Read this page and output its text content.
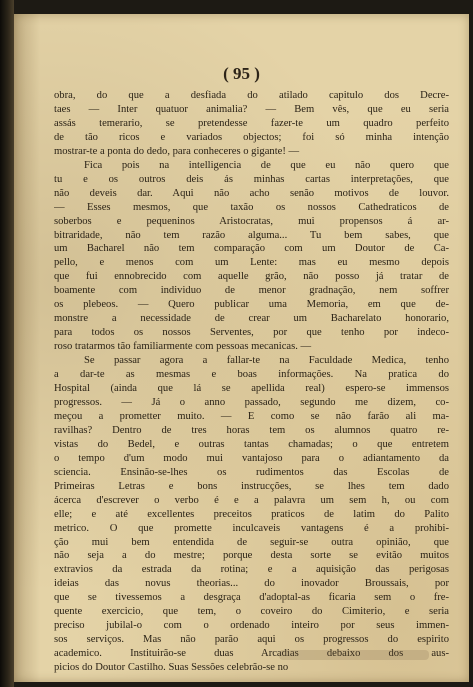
( 95 )
obra, do que a desfiada do atilado capitulo dos Decre-
taes — Inter quatuor animalia? — Bem vês, que eu seria
assás temerario, se pretendesse fazer-te um quadro perfeito
de tão ricos e variados objectos; foi só minha intenção
mostrar-te a ponta do dedo, para conheceres o gigante! —
Fica pois na intelligencia de que eu não quero que
tu e os outros deis ás minhas cartas interpretações, que
não deveis dar. Aqui não acho senão motivos de louvor.
— Esses mesmos, que taxão os nossos Cathedraticos de
soberbos e pequeninos Aristocratas, mui propensos á ar-
bitraridade, não tem razão alguma... Tu bem sabes, que
um Bacharel não tem comparação com um Doutor de Ca-
pello, e menos com um Lente: mas eu mesmo depois
que fui ennobrecido com aquelle grão, não posso já tratar de
boamente com individuo de menor gradnação, nem soffrer
os plebeos. — Quero publicar uma Memoria, em que de-
monstre a necessidade de crear um Bacharelato honorario,
para todos os nossos Serventes, por que tenho por indeco-
roso tratarmos tão familiarmente com pessoas mecanicas. —
Se passar agora a fallar-te na Faculdade Medica, tenho
a dar-te as mesmas e boas informações. Na pratica do
Hospital (ainda que lá se apellida real) espero-se immensos
progressos. — Já o anno passado, segundo me dizem, co-
meçou a prometter muito. — E como se não farão ali ma-
ravilhas? Dentro de tres horas tem os alumnos quatro re-
vistas do Bedel, e outras tantas chamadas; o que entretem
o tempo d'um modo mui vantajoso para o adiantamento da
sciencia. Ensinão-se-lhes os rudimentos das Escolas de
Primeiras Letras e bons instrucções, se lhes tem dado
ácerca d'escrever o verbo é e a palavra um sem h, ou com
elle; e até excellentes preceitos praticos de latim do Palito
metrico. O que promette inculcaveis vantagens é a prohibi-
ção mui bem entendida de seguir-se outra opinião, que
não seja a do mestre; porque desta sorte se evitão muitos
extravios da estrada da rotina; e a aquisição das perigosas
ideias das novus theorias... do inovador Broussais, por
que se tivessemos a desgraça d'adoptal-as ficaria sem o fre-
quente exercicio, que tem, o coveiro do Cimiterio, e seria
preciso jubilal-o com o ordenado inteiro por seus immen-
sos serviços. Mas não parão aqui os progressos do espirito
academico. Instituirão-se duas Arcadias debaixo dos aus-
picios do Doutor Castilho. Suas Sessões celebrão-se no
